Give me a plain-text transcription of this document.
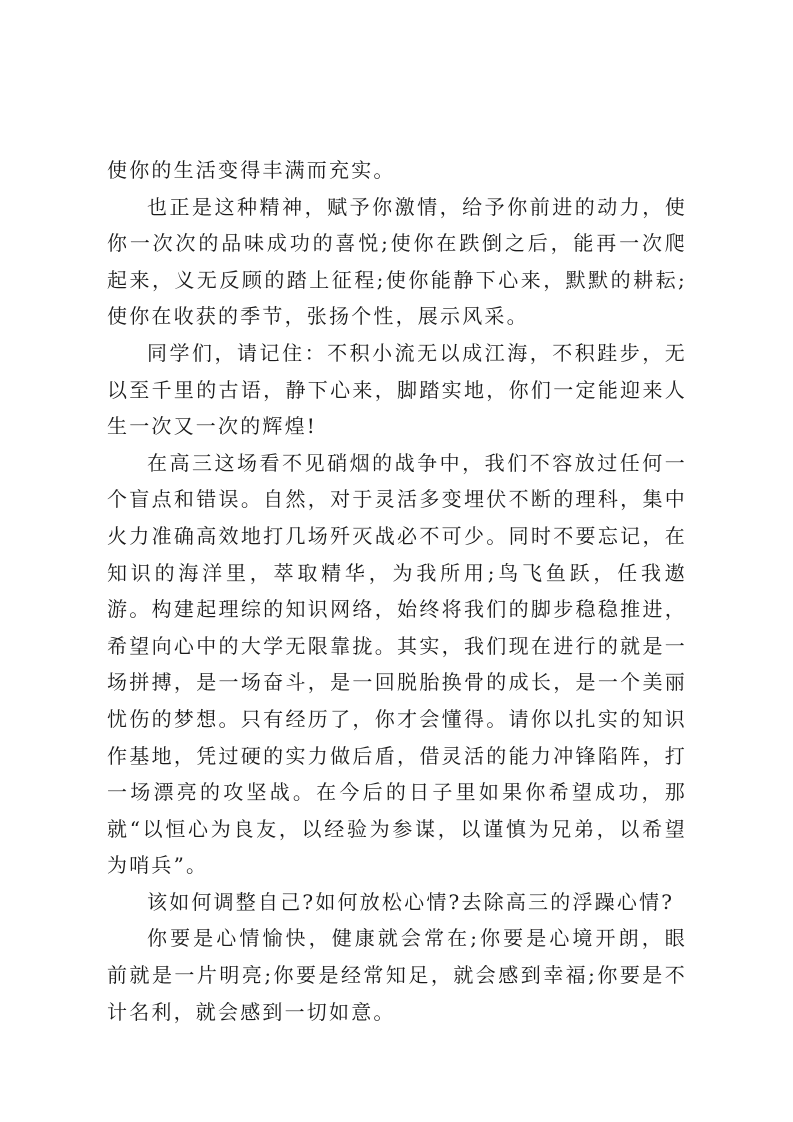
使你的生活变得丰满而充实。

也正是这种精神，赋予你激情，给予你前进的动力，使你一次次的品味成功的喜悦;使你在跌倒之后，能再一次爬起来，义无反顾的踏上征程;使你能静下心来，默默的耕耘;使你在收获的季节，张扬个性，展示风采。

同学们，请记住：不积小流无以成江海，不积跬步，无以至千里的古语，静下心来，脚踏实地，你们一定能迎来人生一次又一次的辉煌!

在高三这场看不见硝烟的战争中，我们不容放过任何一个盲点和错误。自然，对于灵活多变埋伏不断的理科，集中火力准确高效地打几场歼灭战必不可少。同时不要忘记，在知识的海洋里，萃取精华，为我所用;鸟飞鱼跃，任我遨游。构建起理综的知识网络，始终将我们的脚步稳稳推进，希望向心中的大学无限靠拢。其实，我们现在进行的就是一场拼搏，是一场奋斗，是一回脱胎换骨的成长，是一个美丽忧伤的梦想。只有经历了，你才会懂得。请你以扎实的知识作基地，凭过硬的实力做后盾，借灵活的能力冲锋陷阵，打一场漂亮的攻坚战。在今后的日子里如果你希望成功，那就“以恒心为良友，以经验为参谋，以谨慎为兄弟，以希望为哨兵”。

该如何调整自己?如何放松心情?去除高三的浮躁心情?

你要是心情愉快，健康就会常在;你要是心境开朗，眼前就是一片明亮;你要是经常知足，就会感到幸福;你要是不计名利，就会感到一切如意。
